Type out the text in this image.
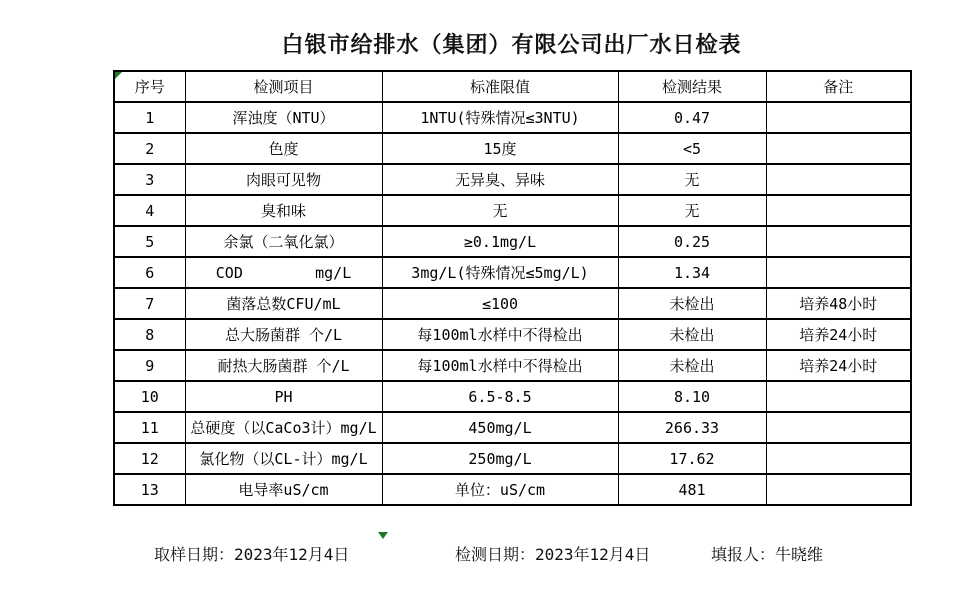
白银市给排水（集团）有限公司出厂水日检表
序号	检测项目	标准限值	检测结果	备注
1	浑浊度（NTU）	1NTU(特殊情况≤3NTU)	0.47	
2	色度	15度	<5	
3	肉眼可见物	无异臭、异味	无	
4	臭和味	无	无	
5	余氯（二氧化氯）	≥0.1mg/L	0.25	
6	COD        mg/L	3mg/L(特殊情况≤5mg/L)	1.34	
7	菌落总数CFU/mL	≤100	未检出	培养48小时
8	总大肠菌群 个/L	每100ml水样中不得检出	未检出	培养24小时
9	耐热大肠菌群 个/L	每100ml水样中不得检出	未检出	培养24小时
10	PH	6.5-8.5	8.10	
11	总硬度（以CaCo3计）mg/L	450mg/L	266.33	
12	氯化物（以CL-计）mg/L	250mg/L	17.62	
13	电导率uS/cm	单位：uS/cm	481	
取样日期：2023年12月4日	检测日期：2023年12月4日	填报人：牛晓维
